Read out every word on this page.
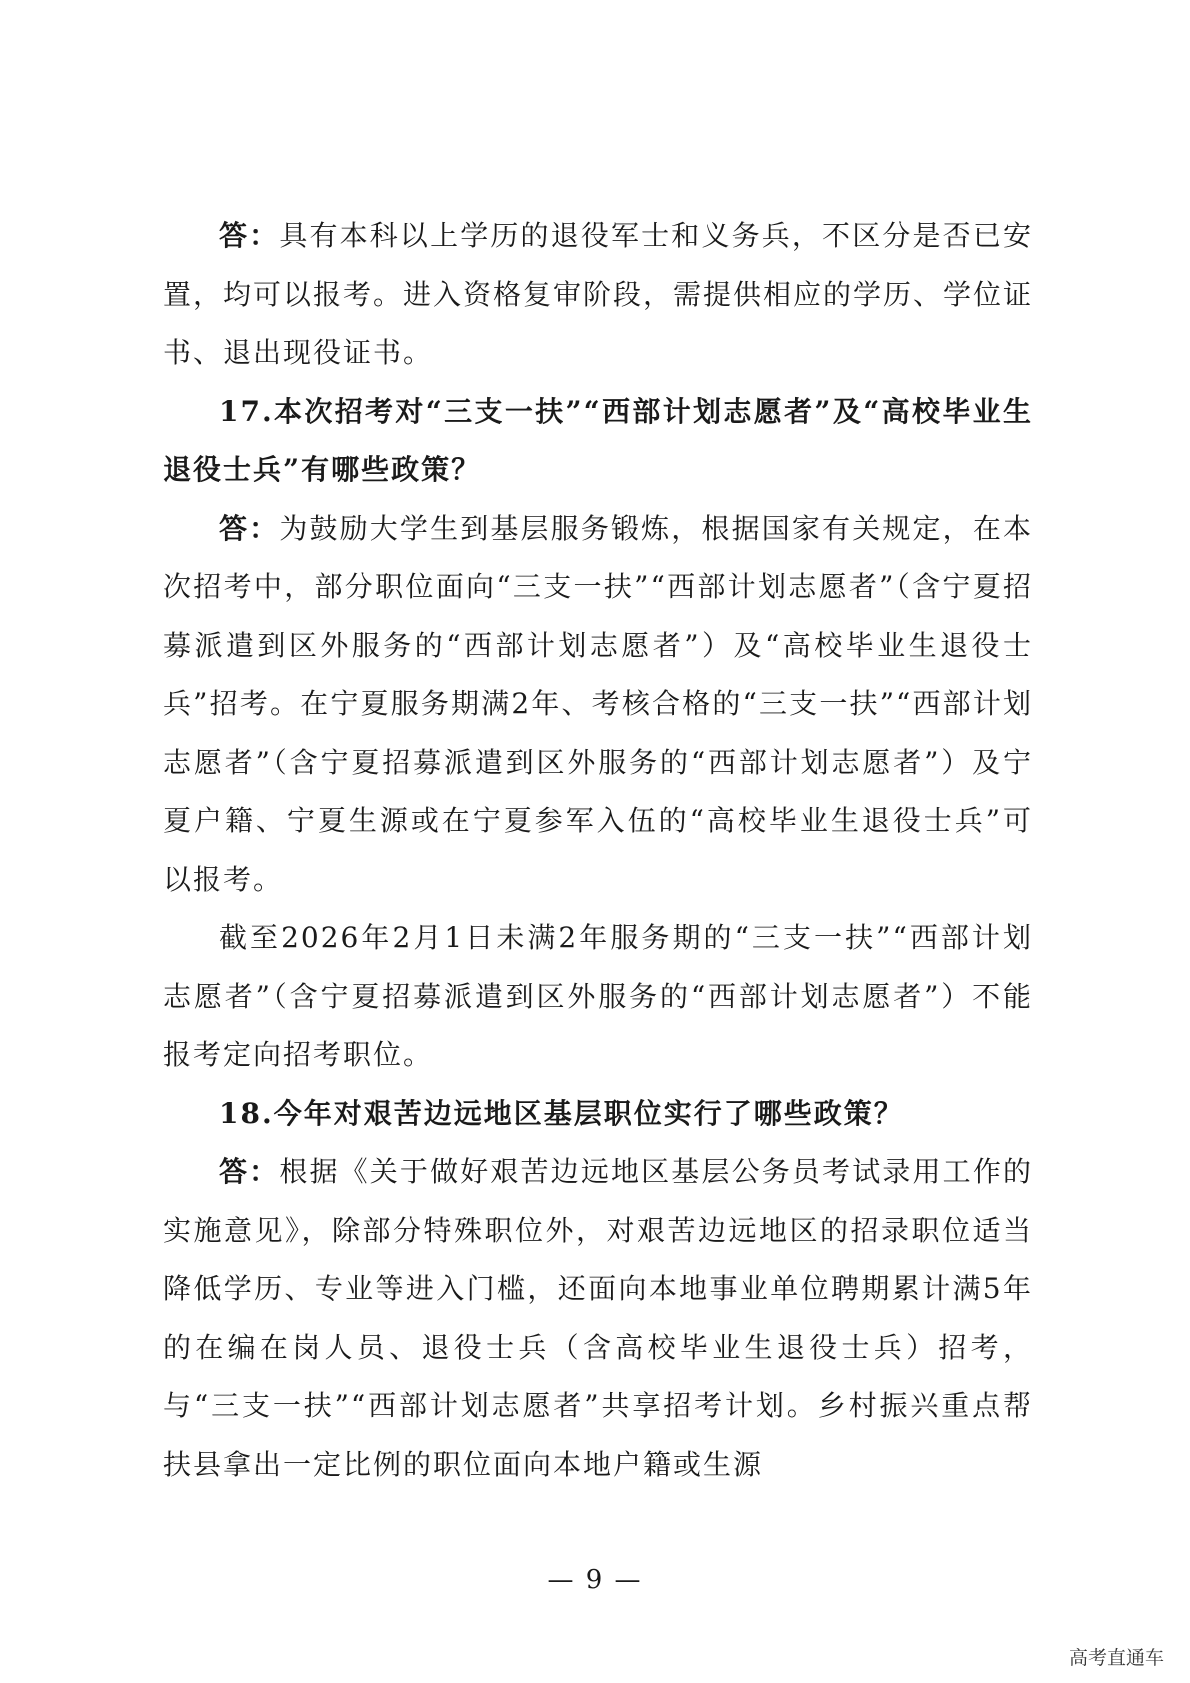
答：具有本科以上学历的退役军士和义务兵，不区分是否已安置，均可以报考。进入资格复审阶段，需提供相应的学历、学位证书、退出现役证书。

17.本次招考对“三支一扶”“西部计划志愿者”及“高校毕业生退役士兵”有哪些政策？

答：为鼓励大学生到基层服务锻炼，根据国家有关规定，在本次招考中，部分职位面向“三支一扶”“西部计划志愿者”（含宁夏招募派遣到区外服务的“西部计划志愿者”）及“高校毕业生退役士兵”招考。在宁夏服务期满2年、考核合格的“三支一扶”“西部计划志愿者”（含宁夏招募派遣到区外服务的“西部计划志愿者”）及宁夏户籍、宁夏生源或在宁夏参军入伍的“高校毕业生退役士兵”可以报考。

截至2026年2月1日未满2年服务期的“三支一扶”“西部计划志愿者”（含宁夏招募派遣到区外服务的“西部计划志愿者”）不能报考定向招考职位。

18.今年对艰苦边远地区基层职位实行了哪些政策？

答：根据《关于做好艰苦边远地区基层公务员考试录用工作的实施意见》，除部分特殊职位外，对艰苦边远地区的招录职位适当降低学历、专业等进入门槛，还面向本地事业单位聘期累计满5年的在编在岗人员、退役士兵（含高校毕业生退役士兵）招考，与“三支一扶”“西部计划志愿者”共享招考计划。乡村振兴重点帮扶县拿出一定比例的职位面向本地户籍或生源

— 9 —
高考直通车
